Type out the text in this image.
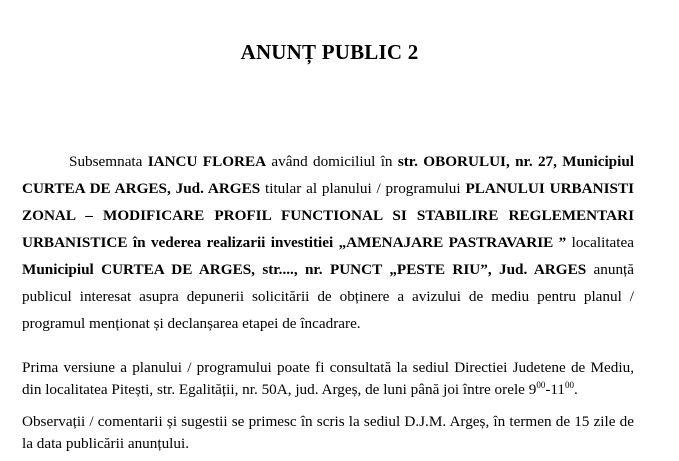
ANUNȚ PUBLIC 2

Subsemnata IANCU FLOREA având domiciliul în str. OBORULUI, nr. 27, Municipiul CURTEA DE ARGES, Jud. ARGES titular al planului / programului PLANULUI URBANISTI ZONAL – MODIFICARE PROFIL FUNCTIONAL SI STABILIRE REGLEMENTARI URBANISTICE în vederea realizarii investitiei „AMENAJARE PASTRAVARIE ” localitatea Municipiul CURTEA DE ARGES, str...., nr. PUNCT „PESTE RIU”, Jud. ARGES anunță publicul interesat asupra depunerii solicitării de obținere a avizului de mediu pentru planul / programul menționat și declanșarea etapei de încadrare.

Prima versiune a planului / programului poate fi consultată la sediul Directiei Judetene de Mediu, din localitatea Pitești, str. Egalității, nr. 50A, jud. Argeș, de luni până joi între orele $9^{00}-11^{00}$.

Observații / comentarii și sugestii se primesc în scris la sediul D.J.M. Argeș, în termen de 15 zile de la data publicării anunțului.
